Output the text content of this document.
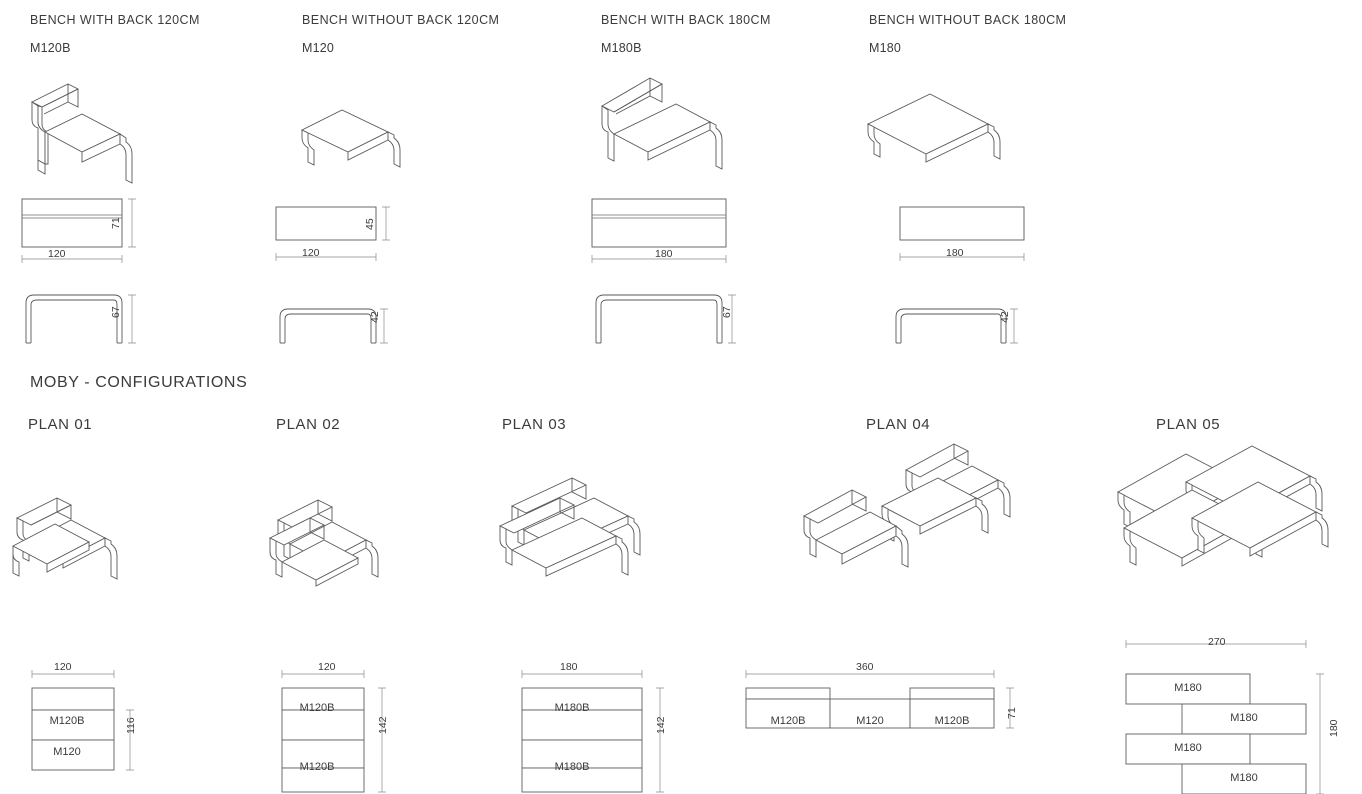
BENCH WITH BACK 120CM
M120B
120
71
67
BENCH WITHOUT BACK 120CM
M120
120
45
42
BENCH WITH BACK 180CM
M180B
180
67
BENCH WITHOUT BACK 180CM
M180
180
42
MOBY - CONFIGURATIONS
PLAN 01
120
116
M120B
M120
PLAN 02
120
142
M120B
M120B
PLAN 03
180
142
M180B
M180B
PLAN 04
360
71
M120B	M120	M120B
PLAN 05
270
180
M180
M180
M180
M180
